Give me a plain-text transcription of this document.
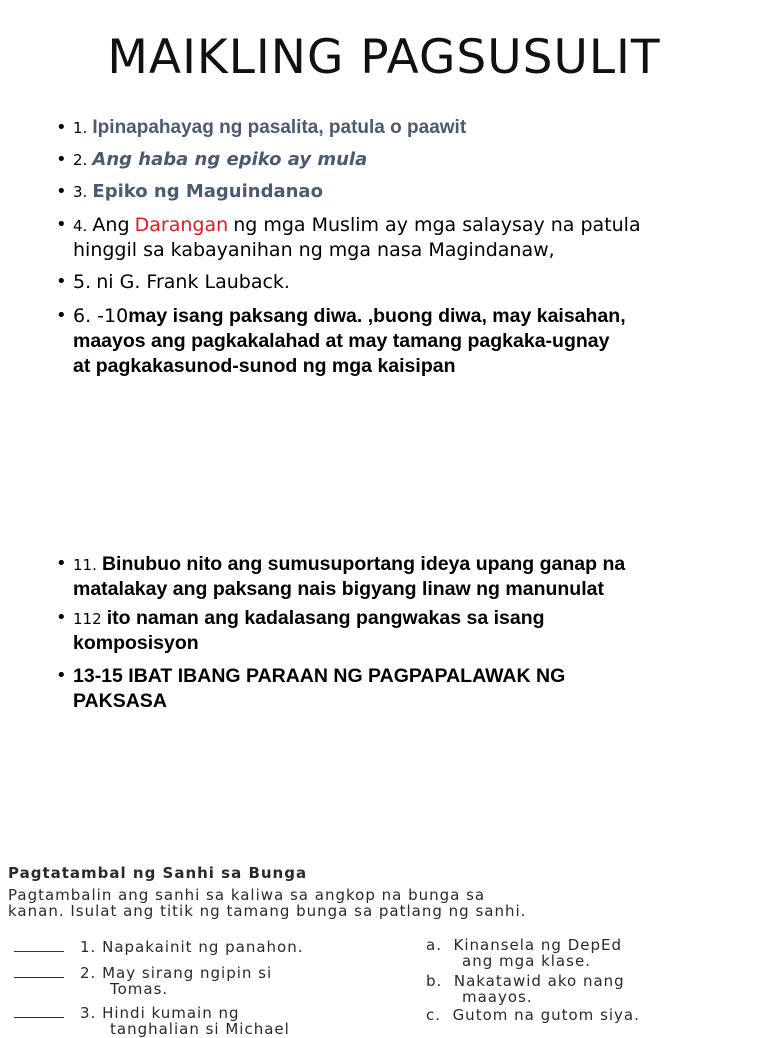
MAIKLING PAGSUSULIT
• 1. Ipinapahayag ng pasalita, patula o paawit
• 2. Ang haba ng epiko ay mula
• 3. Epiko ng Maguindanao
• 4. Ang Darangan ng mga Muslim ay mga salaysay na patula
hinggil sa kabayanihan ng mga nasa Magindanaw,
• 5. ni G. Frank Lauback.
• 6. -10may isang paksang diwa. ,buong diwa, may kaisahan,
maayos ang pagkakalahad at may tamang pagkaka-ugnay
at pagkakasunod-sunod ng mga kaisipan
• 11. Binubuo nito ang sumusuportang ideya upang ganap na
matalakay ang paksang nais bigyang linaw ng manunulat
• 112 ito naman ang kadalasang pangwakas sa isang
komposisyon
• 13-15 IBAT IBANG PARAAN NG PAGPAPALAWAK NG
PAKSASA
Pagtatambal ng Sanhi sa Bunga
Pagtambalin ang sanhi sa kaliwa sa angkop na bunga sa
kanan. Isulat ang titik ng tamang bunga sa patlang ng sanhi.
1. Napakainit ng panahon.
2. May sirang ngipin si
Tomas.
3. Hindi kumain ng
tanghalian si Michael
a. Kinansela ng DepEd
ang mga klase.
b. Nakatawid ako nang
maayos.
c. Gutom na gutom siya.
